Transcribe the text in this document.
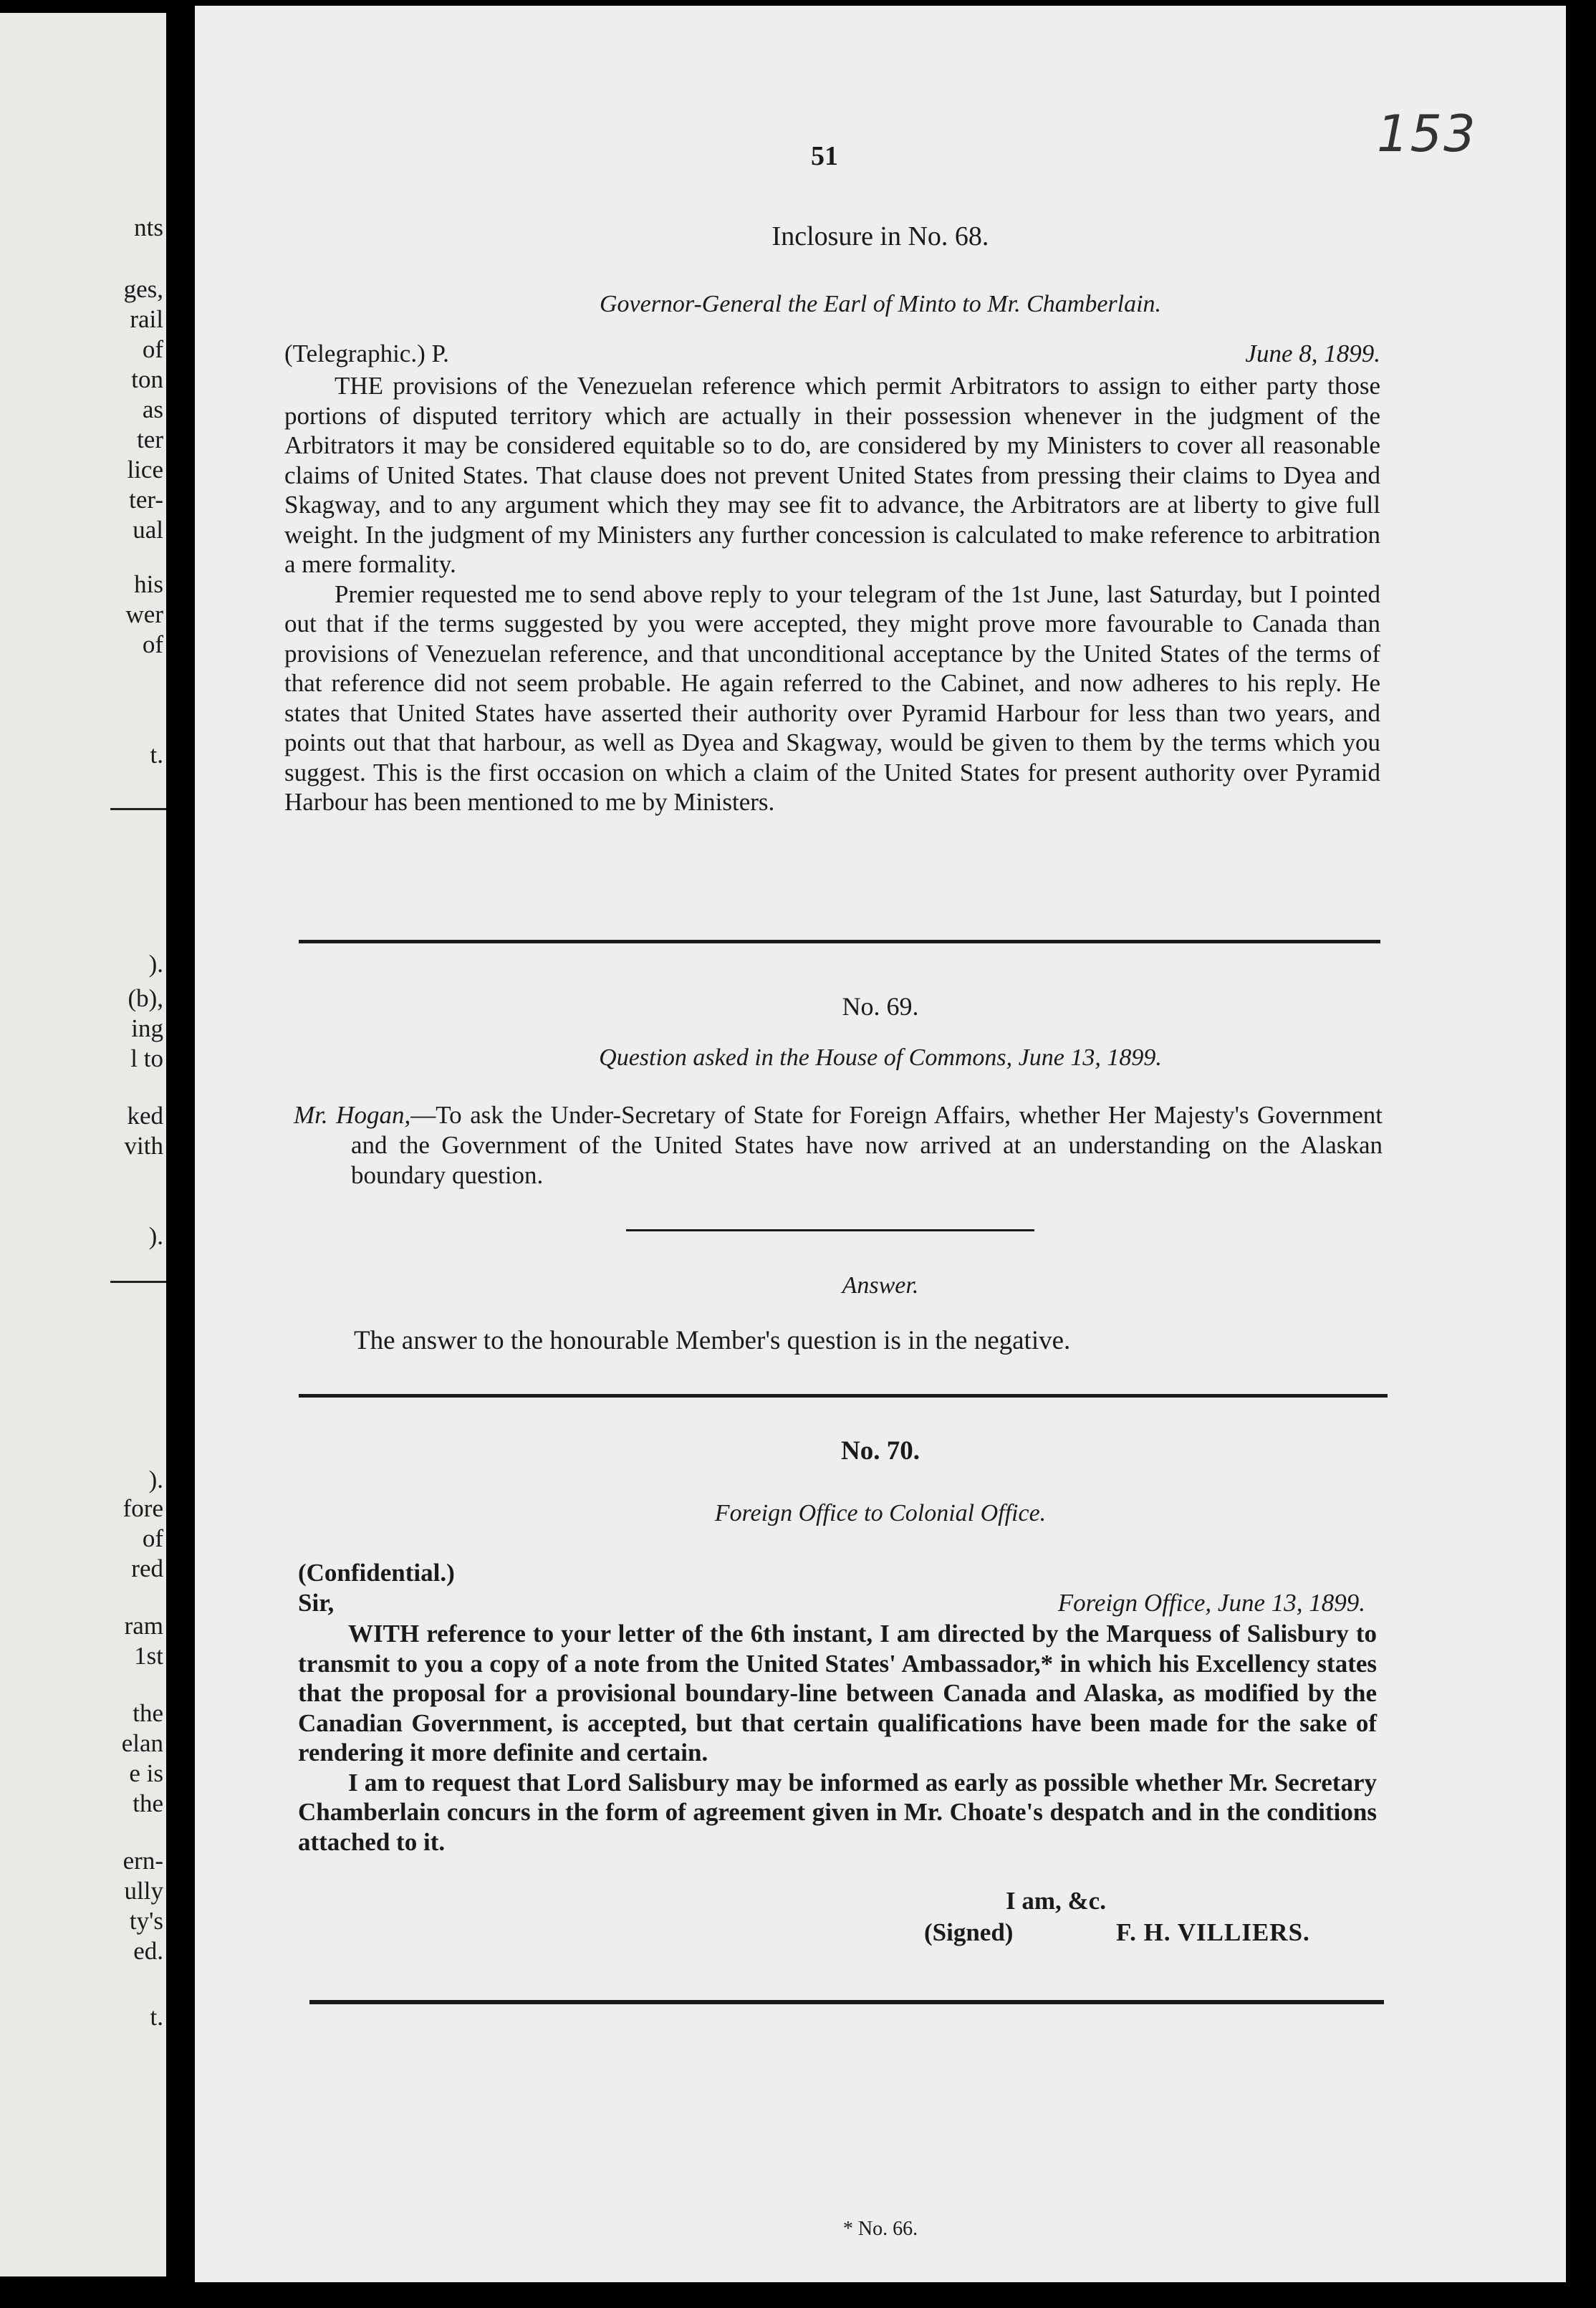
nts
ges,
rail
of
ton
as
ter
lice
ter-
ual
his
wer
of
t.
).
(b),
ing
l to
ked
vith
).
).
fore
of
red
ram
1st
the
elan
e is
the
ern-
ully
ty's
ed.
t.
51	153
Inclosure in No. 68.
Governor-General the Earl of Minto to Mr. Chamberlain.
(Telegraphic.) P.	June 8, 1899.

THE provisions of the Venezuelan reference which permit Arbitrators to assign to either party those portions of disputed territory which are actually in their possession whenever in the judgment of the Arbitrators it may be considered equitable so to do, are considered by my Ministers to cover all reasonable claims of United States. That clause does not prevent United States from pressing their claims to Dyea and Skagway, and to any argument which they may see fit to advance, the Arbitrators are at liberty to give full weight. In the judgment of my Ministers any further concession is calculated to make reference to arbitration a mere formality.

Premier requested me to send above reply to your telegram of the 1st June, last Saturday, but I pointed out that if the terms suggested by you were accepted, they might prove more favourable to Canada than provisions of Venezuelan reference, and that unconditional acceptance by the United States of the terms of that reference did not seem probable. He again referred to the Cabinet, and now adheres to his reply. He states that United States have asserted their authority over Pyramid Harbour for less than two years, and points out that that harbour, as well as Dyea and Skagway, would be given to them by the terms which you suggest. This is the first occasion on which a claim of the United States for present authority over Pyramid Harbour has been mentioned to me by Ministers.

No. 69.
Question asked in the House of Commons, June 13, 1899.

Mr. Hogan,—To ask the Under-Secretary of State for Foreign Affairs, whether Her Majesty's Government and the Government of the United States have now arrived at an understanding on the Alaskan boundary question.

Answer.
The answer to the honourable Member's question is in the negative.
No. 70.
Foreign Office to Colonial Office.
(Confidential.)
Sir,	Foreign Office, June 13, 1899.

WITH reference to your letter of the 6th instant, I am directed by the Marquess of Salisbury to transmit to you a copy of a note from the United States' Ambassador,* in which his Excellency states that the proposal for a provisional boundary-line between Canada and Alaska, as modified by the Canadian Government, is accepted, but that certain qualifications have been made for the sake of rendering it more definite and certain.

I am to request that Lord Salisbury may be informed as early as possible whether Mr. Secretary Chamberlain concurs in the form of agreement given in Mr. Choate's despatch and in the conditions attached to it.

I am, &c.
(Signed)	F. H. VILLIERS.
* No. 66.
